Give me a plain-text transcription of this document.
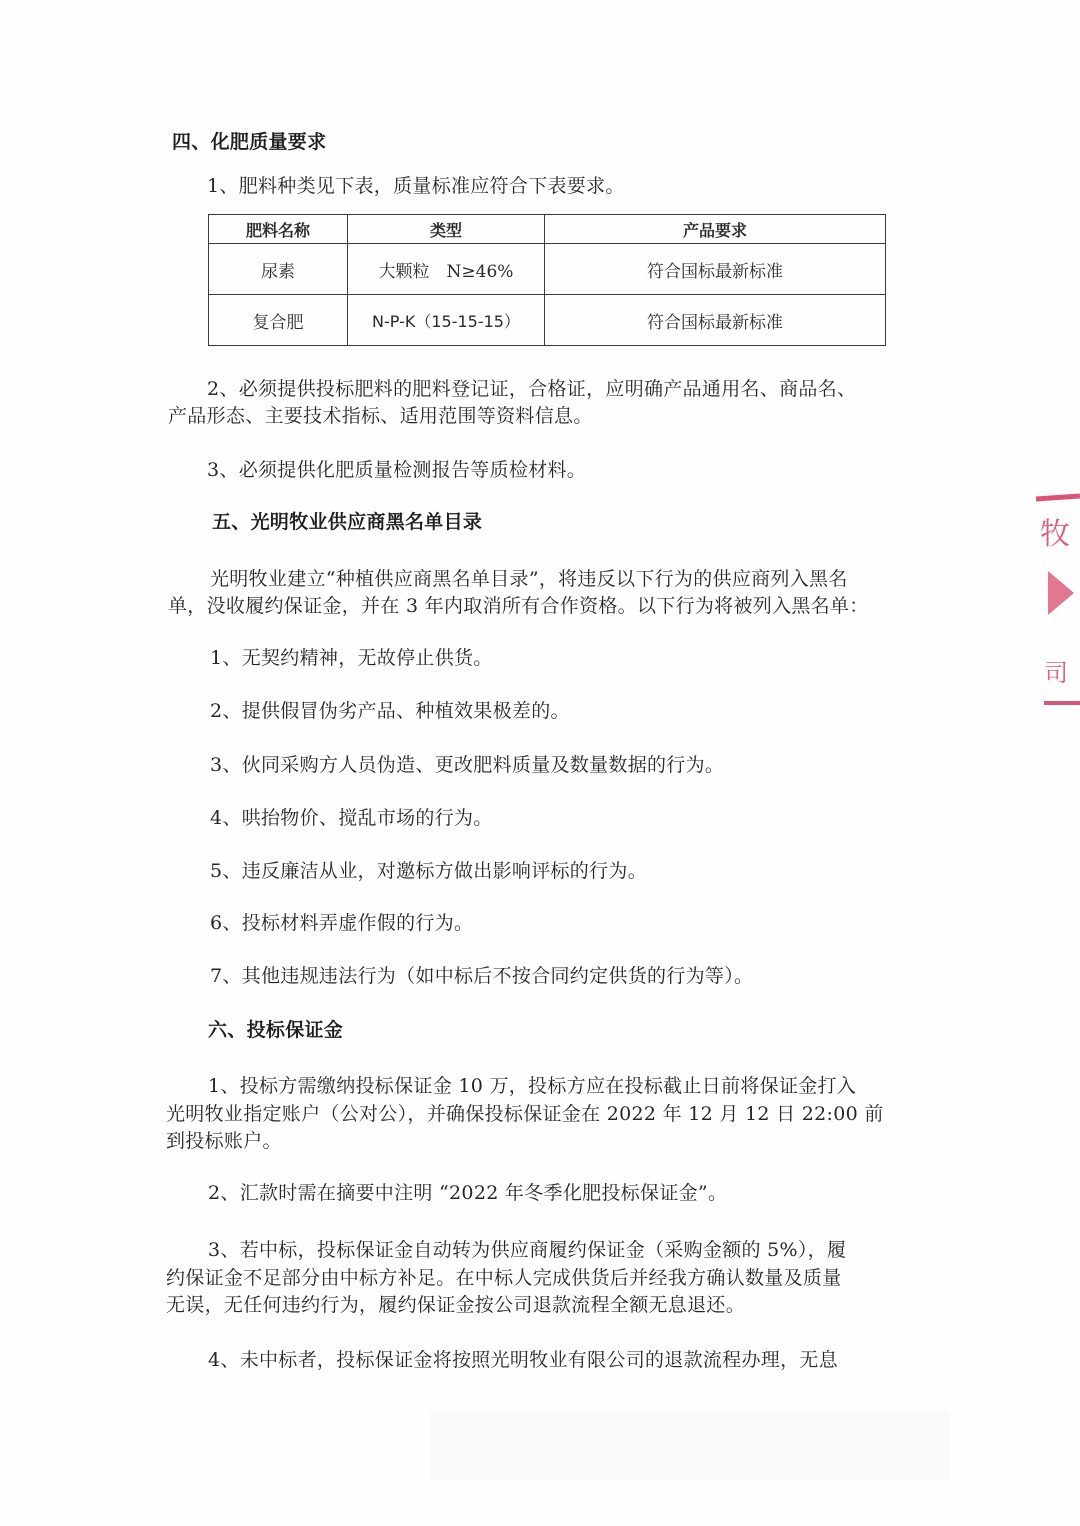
四、化肥质量要求
1、肥料种类见下表，质量标准应符合下表要求。
肥料名称	类型	产品要求
尿素	大颗粒　N≥46%	符合国标最新标准
复合肥	N-P-K（15-15-15）	符合国标最新标准
2、必须提供投标肥料的肥料登记证，合格证，应明确产品通用名、商品名、
产品形态、主要技术指标、适用范围等资料信息。
3、必须提供化肥质量检测报告等质检材料。
五、光明牧业供应商黑名单目录
光明牧业建立“种植供应商黑名单目录”，将违反以下行为的供应商列入黑名
单，没收履约保证金，并在 3 年内取消所有合作资格。以下行为将被列入黑名单：
1、无契约精神，无故停止供货。
2、提供假冒伪劣产品、种植效果极差的。
3、伙同采购方人员伪造、更改肥料质量及数量数据的行为。
4、哄抬物价、搅乱市场的行为。
5、违反廉洁从业，对邀标方做出影响评标的行为。
6、投标材料弄虚作假的行为。
7、其他违规违法行为（如中标后不按合同约定供货的行为等）。
六、投标保证金
1、投标方需缴纳投标保证金 10 万，投标方应在投标截止日前将保证金打入
光明牧业指定账户（公对公），并确保投标保证金在 2022 年 12 月 12 日 22:00 前
到投标账户。
2、汇款时需在摘要中注明 “2022 年冬季化肥投标保证金”。
3、若中标，投标保证金自动转为供应商履约保证金（采购金额的 5%），履
约保证金不足部分由中标方补足。在中标人完成供货后并经我方确认数量及质量
无误，无任何违约行为，履约保证金按公司退款流程全额无息退还。
4、未中标者，投标保证金将按照光明牧业有限公司的退款流程办理，无息
牧
司
